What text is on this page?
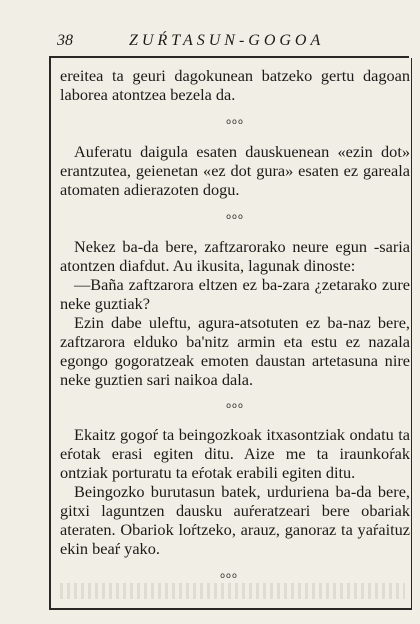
38	ZUŔTASUN-GOGOA

ereitea ta geuri dagokunean batzeko gertu dagoan laborea atontzea bezela da.

ooo

Auferatu daigula esaten dauskuenean «ezin dot» erantzutea, geienetan «ez dot gura» esaten ez gareala atomaten adierazoten dogu.

ooo

Nekez ba-da bere, zaftzarorako neure egun -saria atontzen diafdut. Au ikusita, lagunak dinoste:

—Baña zaftzarora eltzen ez ba-zara ¿zetarako zure neke guztiak?

Ezin dabe uleftu, agura-atsotuten ez ba-naz bere, zaftzarora elduko ba'nitz armin eta estu ez nazala egongo gogoratzeak emoten daustan artetasuna nire neke guztien sari naikoa dala.

ooo

Ekaitz gogoŕ ta beingozkoak itxasontziak ondatu ta eŕotak erasi egiten ditu. Aize me ta iraunkoŕak ontziak porturatu ta eŕotak erabili egiten ditu.

Beingozko burutasun batek, urduriena ba-da bere, gitxi laguntzen dausku auŕeratzeari bere obariak ateraten. Obariok loŕtzeko, arauz, ganoraz ta yaŕaituz ekin beaŕ yako.

ooo
